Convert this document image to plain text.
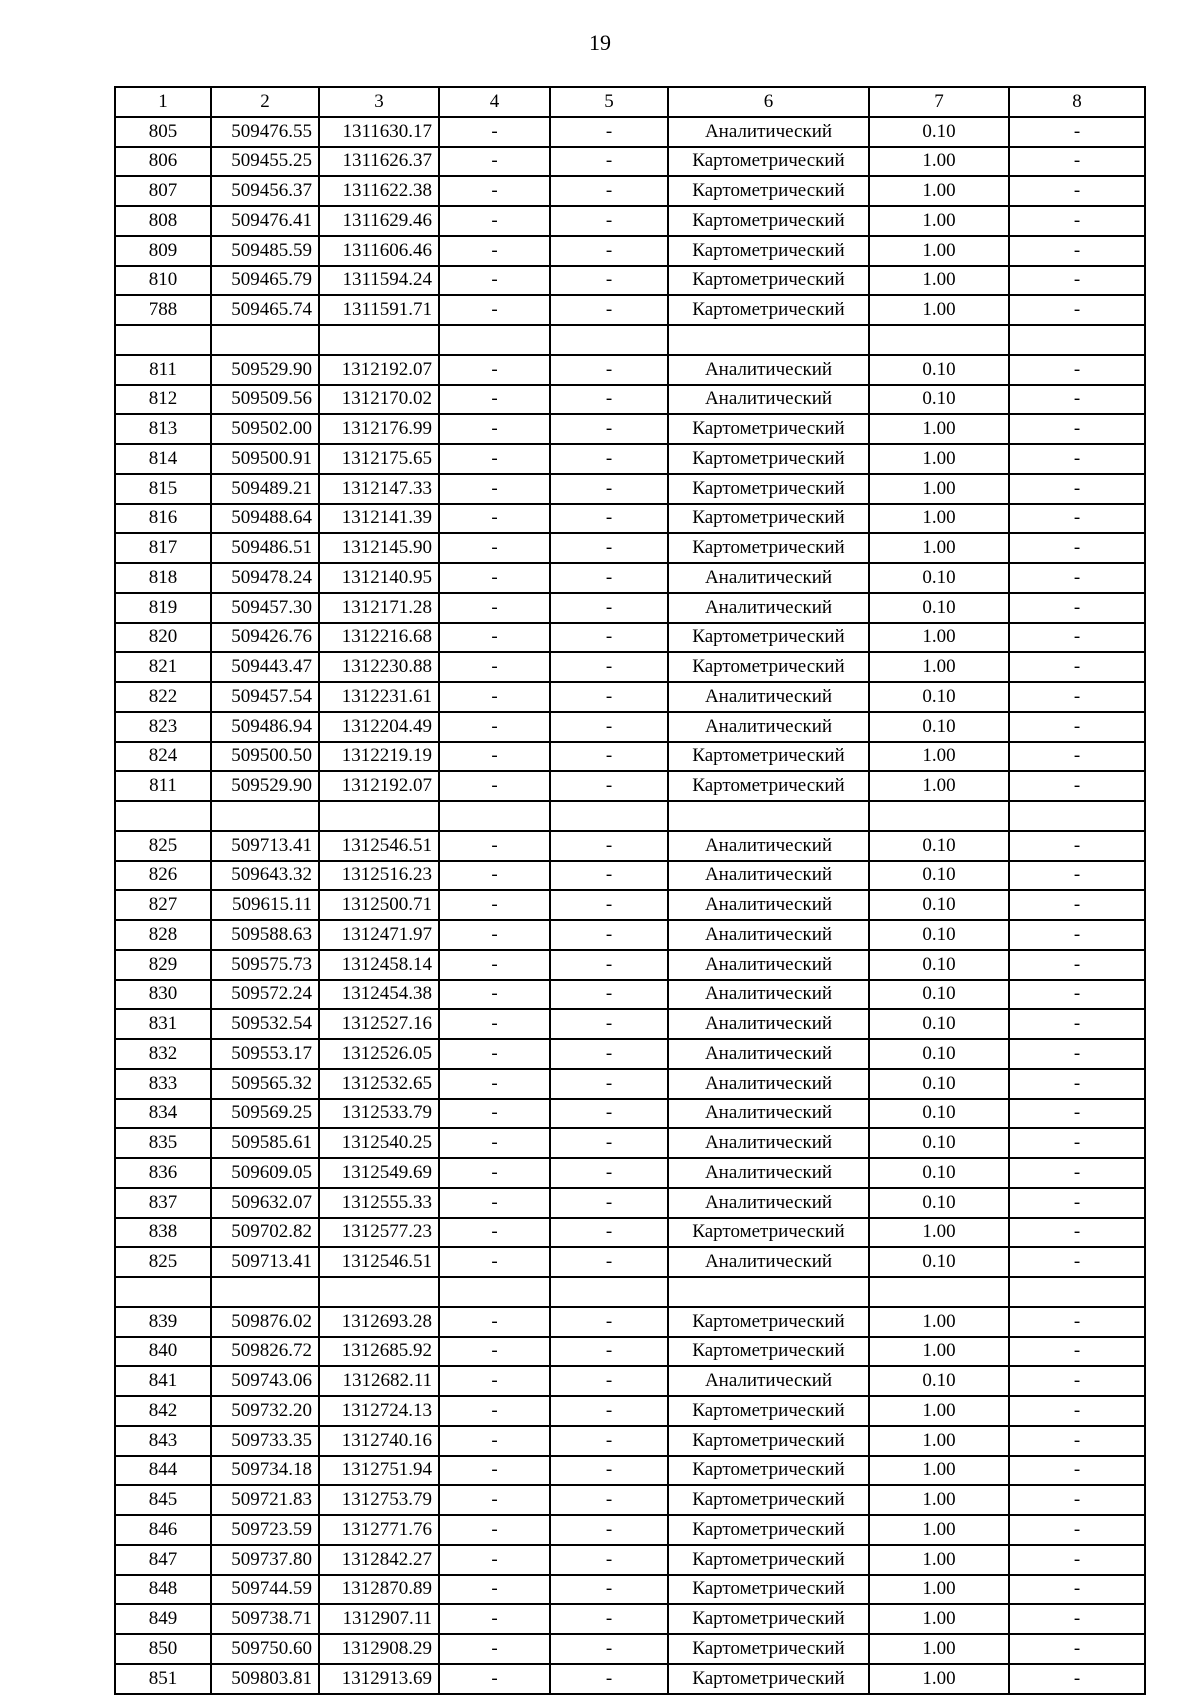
19
1	2	3	4	5	6	7	8
805	509476.55	1311630.17	-	-	Аналитический	0.10	-
806	509455.25	1311626.37	-	-	Картометрический	1.00	-
807	509456.37	1311622.38	-	-	Картометрический	1.00	-
808	509476.41	1311629.46	-	-	Картометрический	1.00	-
809	509485.59	1311606.46	-	-	Картометрический	1.00	-
810	509465.79	1311594.24	-	-	Картометрический	1.00	-
788	509465.74	1311591.71	-	-	Картометрический	1.00	-

811	509529.90	1312192.07	-	-	Аналитический	0.10	-
812	509509.56	1312170.02	-	-	Аналитический	0.10	-
813	509502.00	1312176.99	-	-	Картометрический	1.00	-
814	509500.91	1312175.65	-	-	Картометрический	1.00	-
815	509489.21	1312147.33	-	-	Картометрический	1.00	-
816	509488.64	1312141.39	-	-	Картометрический	1.00	-
817	509486.51	1312145.90	-	-	Картометрический	1.00	-
818	509478.24	1312140.95	-	-	Аналитический	0.10	-
819	509457.30	1312171.28	-	-	Аналитический	0.10	-
820	509426.76	1312216.68	-	-	Картометрический	1.00	-
821	509443.47	1312230.88	-	-	Картометрический	1.00	-
822	509457.54	1312231.61	-	-	Аналитический	0.10	-
823	509486.94	1312204.49	-	-	Аналитический	0.10	-
824	509500.50	1312219.19	-	-	Картометрический	1.00	-
811	509529.90	1312192.07	-	-	Картометрический	1.00	-

825	509713.41	1312546.51	-	-	Аналитический	0.10	-
826	509643.32	1312516.23	-	-	Аналитический	0.10	-
827	509615.11	1312500.71	-	-	Аналитический	0.10	-
828	509588.63	1312471.97	-	-	Аналитический	0.10	-
829	509575.73	1312458.14	-	-	Аналитический	0.10	-
830	509572.24	1312454.38	-	-	Аналитический	0.10	-
831	509532.54	1312527.16	-	-	Аналитический	0.10	-
832	509553.17	1312526.05	-	-	Аналитический	0.10	-
833	509565.32	1312532.65	-	-	Аналитический	0.10	-
834	509569.25	1312533.79	-	-	Аналитический	0.10	-
835	509585.61	1312540.25	-	-	Аналитический	0.10	-
836	509609.05	1312549.69	-	-	Аналитический	0.10	-
837	509632.07	1312555.33	-	-	Аналитический	0.10	-
838	509702.82	1312577.23	-	-	Картометрический	1.00	-
825	509713.41	1312546.51	-	-	Аналитический	0.10	-

839	509876.02	1312693.28	-	-	Картометрический	1.00	-
840	509826.72	1312685.92	-	-	Картометрический	1.00	-
841	509743.06	1312682.11	-	-	Аналитический	0.10	-
842	509732.20	1312724.13	-	-	Картометрический	1.00	-
843	509733.35	1312740.16	-	-	Картометрический	1.00	-
844	509734.18	1312751.94	-	-	Картометрический	1.00	-
845	509721.83	1312753.79	-	-	Картометрический	1.00	-
846	509723.59	1312771.76	-	-	Картометрический	1.00	-
847	509737.80	1312842.27	-	-	Картометрический	1.00	-
848	509744.59	1312870.89	-	-	Картометрический	1.00	-
849	509738.71	1312907.11	-	-	Картометрический	1.00	-
850	509750.60	1312908.29	-	-	Картометрический	1.00	-
851	509803.81	1312913.69	-	-	Картометрический	1.00	-
